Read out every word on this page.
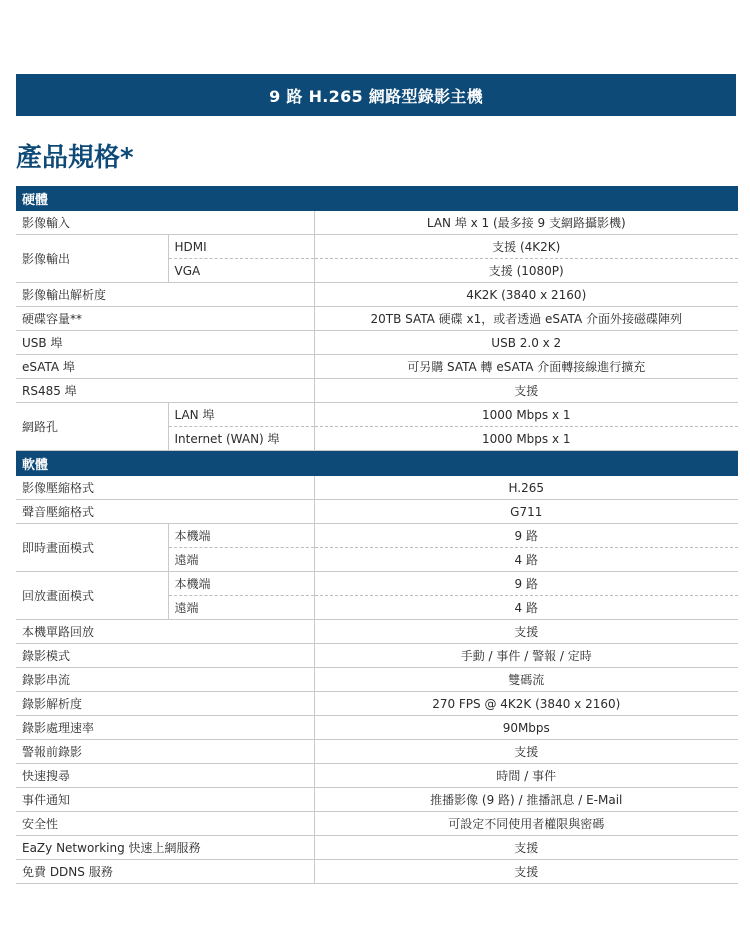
9 路 H.265 網路型錄影主機
產品規格*
硬體		
影像輸入		LAN 埠 x 1 (最多接 9 支網路攝影機)
影像輸出	HDMI	支援 (4K2K)
	VGA	支援 (1080P)
影像輸出解析度		4K2K (3840 x 2160)
硬碟容量**		20TB SATA 硬碟 x1，或者透過 eSATA 介面外接磁碟陣列
USB 埠		USB 2.0 x 2
eSATA 埠		可另購 SATA 轉 eSATA 介面轉接線進行擴充
RS485 埠		支援
網路孔	LAN 埠	1000 Mbps x 1
	Internet (WAN) 埠	1000 Mbps x 1
軟體		
影像壓縮格式		H.265
聲音壓縮格式		G711
即時畫面模式	本機端	9 路
	遠端	4 路
回放畫面模式	本機端	9 路
	遠端	4 路
本機單路回放		支援
錄影模式		手動 / 事件 / 警報 / 定時
錄影串流		雙碼流
錄影解析度		270 FPS @ 4K2K (3840 x 2160)
錄影處理速率		90Mbps
警報前錄影		支援
快速搜尋		時間 / 事件
事件通知		推播影像 (9 路) / 推播訊息 / E-Mail
安全性		可設定不同使用者權限與密碼
EaZy Networking 快速上網服務		支援
免費 DDNS 服務		支援
